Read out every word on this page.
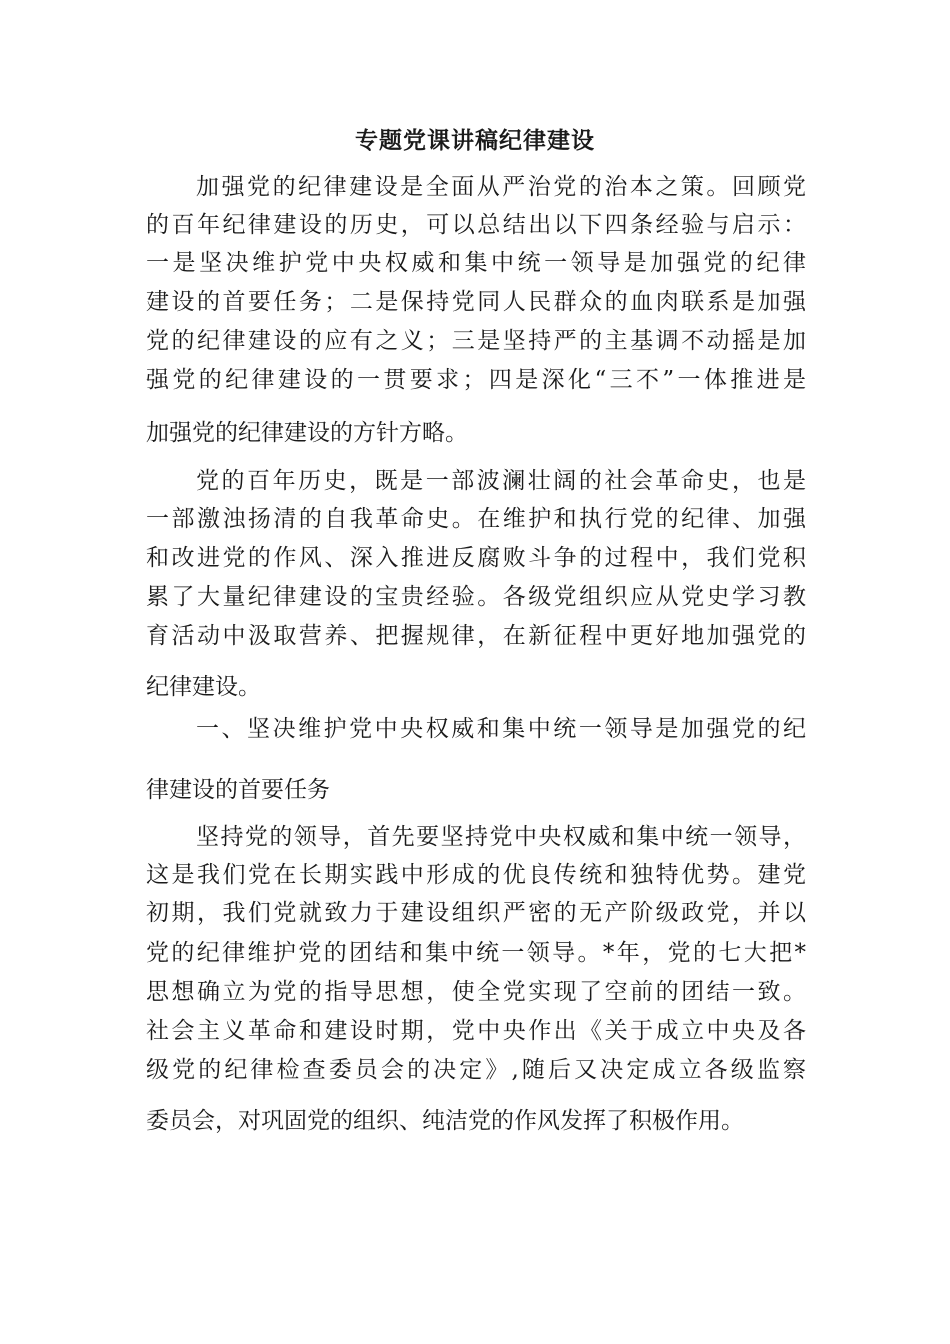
专题党课讲稿纪律建设
加强党的纪律建设是全面从严治党的治本之策。回顾党
的百年纪律建设的历史，可以总结出以下四条经验与启示：
一是坚决维护党中央权威和集中统一领导是加强党的纪律
建设的首要任务；二是保持党同人民群众的血肉联系是加强
党的纪律建设的应有之义；三是坚持严的主基调不动摇是加
强党的纪律建设的一贯要求；四是深化“三不”一体推进是
加强党的纪律建设的方针方略。
党的百年历史，既是一部波澜壮阔的社会革命史，也是
一部激浊扬清的自我革命史。在维护和执行党的纪律、加强
和改进党的作风、深入推进反腐败斗争的过程中，我们党积
累了大量纪律建设的宝贵经验。各级党组织应从党史学习教
育活动中汲取营养、把握规律，在新征程中更好地加强党的
纪律建设。
一、坚决维护党中央权威和集中统一领导是加强党的纪
律建设的首要任务
坚持党的领导，首先要坚持党中央权威和集中统一领导，
这是我们党在长期实践中形成的优良传统和独特优势。建党
初期，我们党就致力于建设组织严密的无产阶级政党，并以
党的纪律维护党的团结和集中统一领导。*年，党的七大把*
思想确立为党的指导思想，使全党实现了空前的团结一致。
社会主义革命和建设时期，党中央作出《关于成立中央及各
级党的纪律检查委员会的决定》,随后又决定成立各级监察
委员会，对巩固党的组织、纯洁党的作风发挥了积极作用。
